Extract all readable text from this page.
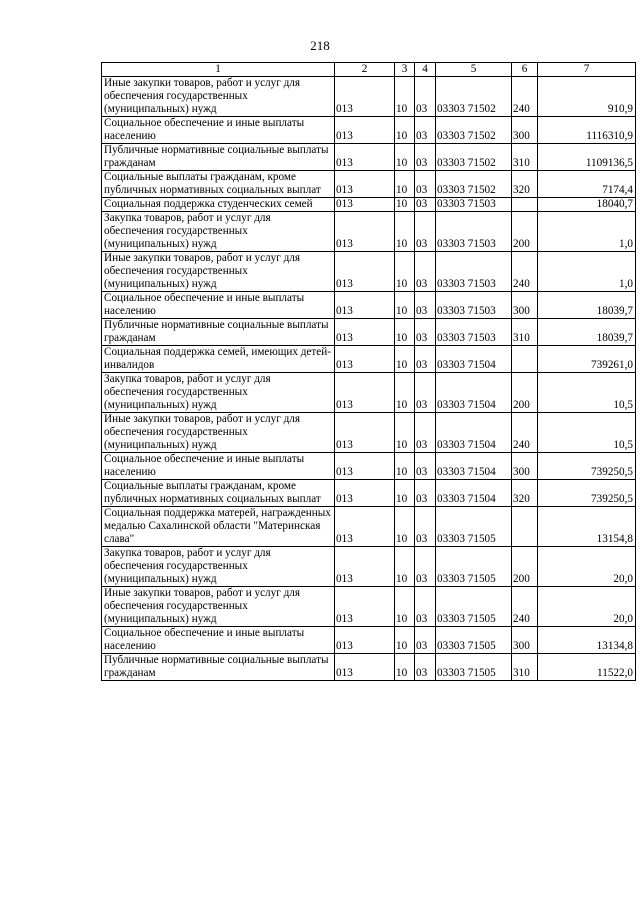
218
1	2	3	4	5	6	7
Иные закупки товаров, работ и услуг для обеспечения государственных (муниципальных) нужд	013	10	03	03303 71502	240	910,9
Социальное обеспечение и иные выплаты населению	013	10	03	03303 71502	300	1116310,9
Публичные нормативные социальные выплаты гражданам	013	10	03	03303 71502	310	1109136,5
Социальные выплаты гражданам, кроме публичных нормативных социальных выплат	013	10	03	03303 71502	320	7174,4
Социальная поддержка студенческих семей	013	10	03	03303 71503		18040,7
Закупка товаров, работ и услуг для обеспечения государственных (муниципальных) нужд	013	10	03	03303 71503	200	1,0
Иные закупки товаров, работ и услуг для обеспечения государственных (муниципальных) нужд	013	10	03	03303 71503	240	1,0
Социальное обеспечение и иные выплаты населению	013	10	03	03303 71503	300	18039,7
Публичные нормативные социальные выплаты гражданам	013	10	03	03303 71503	310	18039,7
Социальная поддержка семей, имеющих детей-инвалидов	013	10	03	03303 71504		739261,0
Закупка товаров, работ и услуг для обеспечения государственных (муниципальных) нужд	013	10	03	03303 71504	200	10,5
Иные закупки товаров, работ и услуг для обеспечения государственных (муниципальных) нужд	013	10	03	03303 71504	240	10,5
Социальное обеспечение и иные выплаты населению	013	10	03	03303 71504	300	739250,5
Социальные выплаты гражданам, кроме публичных нормативных социальных выплат	013	10	03	03303 71504	320	739250,5
Социальная поддержка матерей, награжденных медалью Сахалинской области "Материнская слава"	013	10	03	03303 71505		13154,8
Закупка товаров, работ и услуг для обеспечения государственных (муниципальных) нужд	013	10	03	03303 71505	200	20,0
Иные закупки товаров, работ и услуг для обеспечения государственных (муниципальных) нужд	013	10	03	03303 71505	240	20,0
Социальное обеспечение и иные выплаты населению	013	10	03	03303 71505	300	13134,8
Публичные нормативные социальные выплаты гражданам	013	10	03	03303 71505	310	11522,0
